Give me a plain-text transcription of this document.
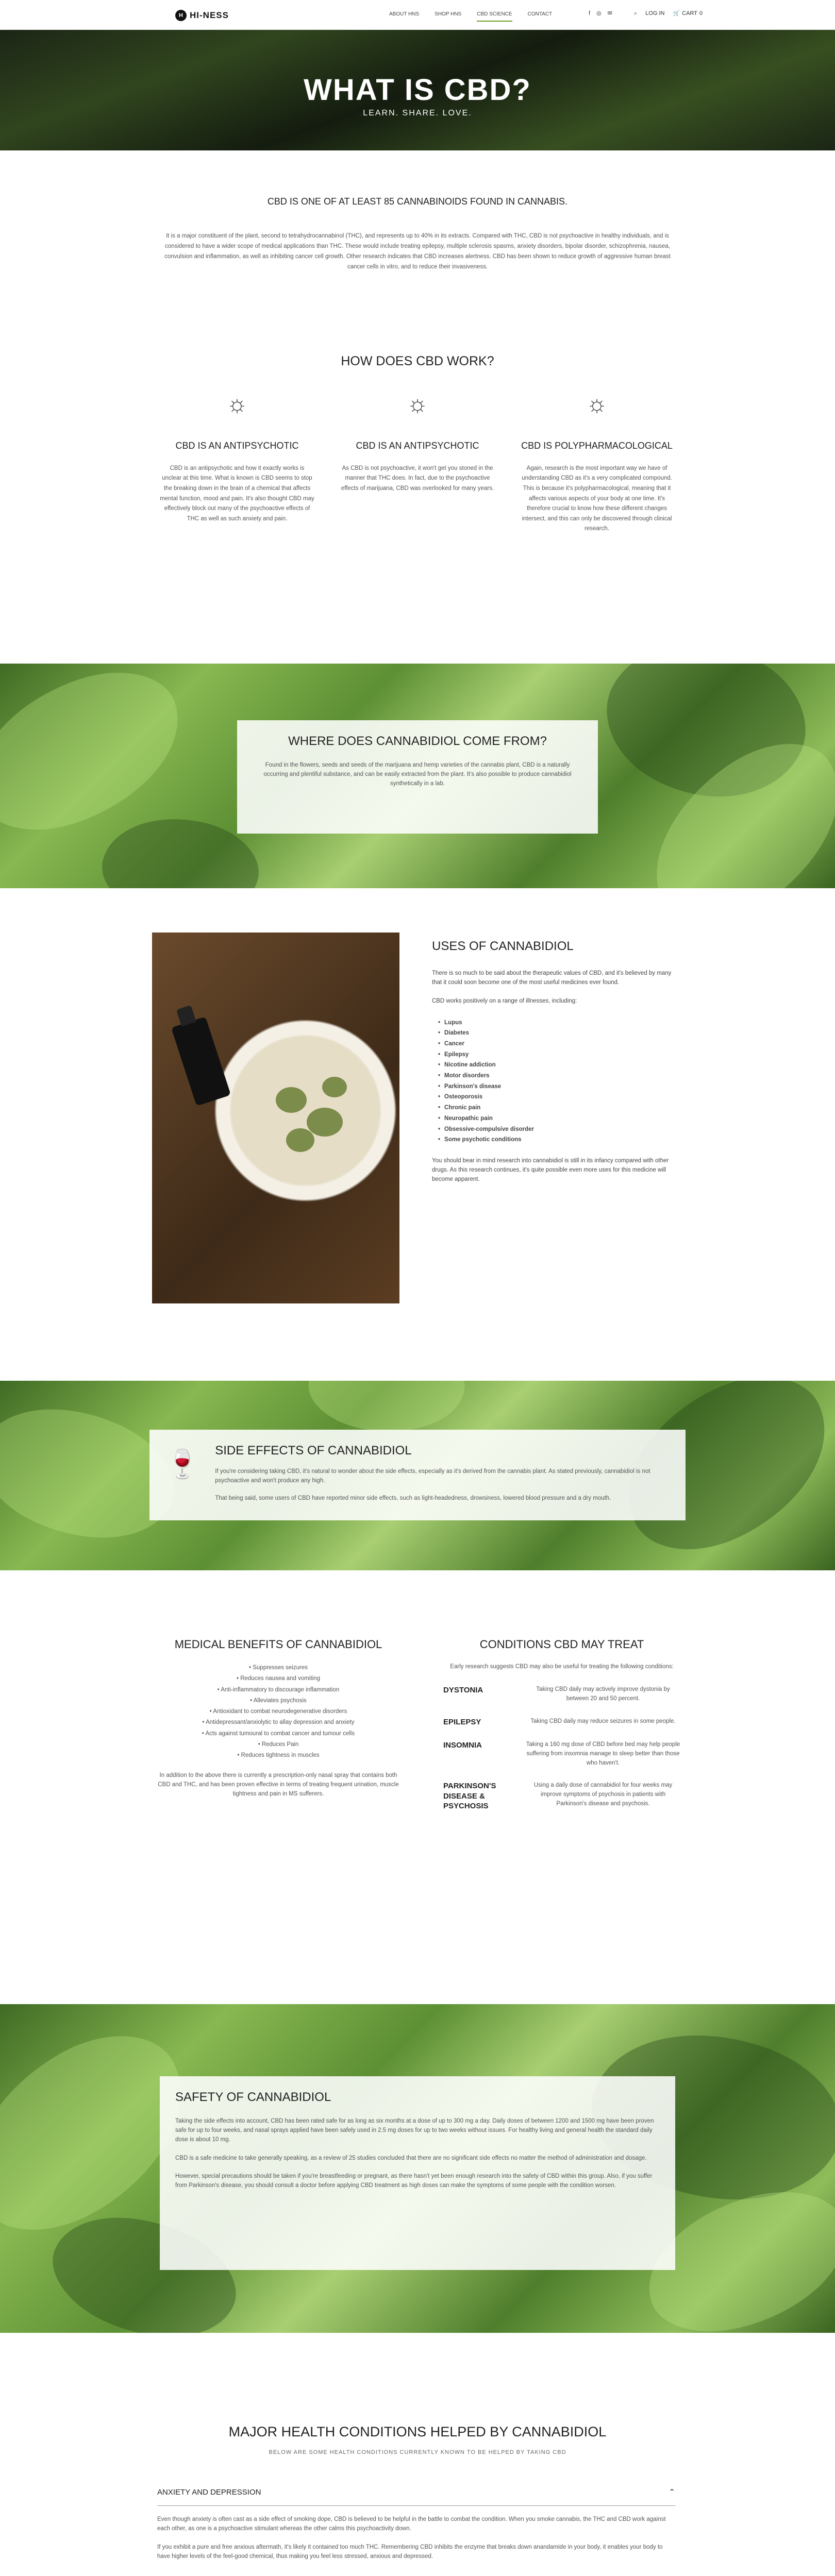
H HI-NESS	ABOUT HNS	SHOP HNS	CBD SCIENCE	CONTACT	f ◎ ✉	⌕ LOG IN 🛒 CART 0
WHAT IS CBD?
LEARN. SHARE. LOVE.
CBD IS ONE OF AT LEAST 85 CANNABINOIDS FOUND IN CANNABIS.
It is a major constituent of the plant, second to tetrahydrocannabinol (THC), and represents up to 40% in its extracts. Compared with THC, CBD is not psychoactive in healthy individuals, and is considered to have a wider scope of medical applications than THC. These would include treating epilepsy, multiple sclerosis spasms, anxiety disorders, bipolar disorder, schizophrenia, nausea, convulsion and inflammation, as well as inhibiting cancer cell growth. Other research indicates that CBD increases alertness. CBD has been shown to reduce growth of aggressive human breast cancer cells in vitro, and to reduce their invasiveness.
HOW DOES CBD WORK?
☼
CBD IS AN ANTIPSYCHOTIC

CBD is an antipsychotic and how it exactly works is unclear at this time. What is known is CBD seems to stop the breaking down in the brain of a chemical that affects mental function, mood and pain. It's also thought CBD may effectively block out many of the psychoactive effects of THC as well as such anxiety and pain.

☼
CBD IS AN ANTIPSYCHOTIC

As CBD is not psychoactive, it won't get you stoned in the manner that THC does. In fact, due to the psychoactive effects of marijuana, CBD was overlooked for many years.

☼
CBD IS POLYPHARMACOLOGICAL

Again, research is the most important way we have of understanding CBD as it's a very complicated compound. This is because it's polypharmacological, meaning that it affects various aspects of your body at one time. It's therefore crucial to know how these different changes intersect, and this can only be discovered through clinical research.

WHERE DOES CANNABIDIOL COME FROM?

Found in the flowers, seeds and seeds of the marijuana and hemp varieties of the cannabis plant, CBD is a naturally occurring and plentiful substance, and can be easily extracted from the plant. It's also possible to produce cannabidiol synthetically in a lab.

USES OF CANNABIDIOL

There is so much to be said about the therapeutic values of CBD, and it's believed by many that it could soon become one of the most useful medicines ever found.

CBD works positively on a range of illnesses, including:

• Lupus
• Diabetes
• Cancer
• Epilepsy
• Nicotine addiction
• Motor disorders
• Parkinson's disease
• Osteoporosis
• Chronic pain
• Neuropathic pain
• Obsessive-compulsive disorder
• Some psychotic conditions

You should bear in mind research into cannabidiol is still in its infancy compared with other drugs. As this research continues, it's quite possible even more uses for this medicine will become apparent.

🍷 SIDE EFFECTS OF CANNABIDIOL

If you're considering taking CBD, it's natural to wonder about the side effects, especially as it's derived from the cannabis plant. As stated previously, cannabidiol is not psychoactive and won't produce any high.

That being said, some users of CBD have reported minor side effects, such as light-headedness, drowsiness, lowered blood pressure and a dry mouth.

MEDICAL BENEFITS OF CANNABIDIOL
• Suppresses seizures
• Reduces nausea and vomiting
• Anti-inflammatory to discourage inflammation
• Alleviates psychosis
• Antioxidant to combat neurodegenerative disorders
• Antidepressant/anxiolytic to allay depression and anxiety
• Acts against tumoural to combat cancer and tumour cells
• Reduces Pain
• Reduces tightness in muscles

In addition to the above there is currently a prescription-only nasal spray that contains both CBD and THC, and has been proven effective in terms of treating frequent urination, muscle tightness and pain in MS sufferers.

CONDITIONS CBD MAY TREAT

Early research suggests CBD may also be useful for treating the following conditions:

DYSTONIA	Taking CBD daily may actively improve dystonia by between 20 and 50 percent.
EPILEPSY	Taking CBD daily may reduce seizures in some people.
INSOMNIA	Taking a 160 mg dose of CBD before bed may help people suffering from insomnia manage to sleep better than those who haven't.
PARKINSON'S DISEASE & PSYCHOSIS
Using a daily dose of cannabidiol for four weeks may improve symptoms of psychosis in patients with Parkinson's disease and psychosis.
SAFETY OF CANNABIDIOL

Taking the side effects into account, CBD has been rated safe for as long as six months at a dose of up to 300 mg a day. Daily doses of between 1200 and 1500 mg have been proven safe for up to four weeks, and nasal sprays applied have been safely used in 2.5 mg doses for up to two weeks without issues. For healthy living and general health the standard daily dose is about 10 mg.

CBD is a safe medicine to take generally speaking, as a review of 25 studies concluded that there are no significant side effects no matter the method of administration and dosage.

However, special precautions should be taken if you're breastfeeding or pregnant, as there hasn't yet been enough research into the safety of CBD within this group. Also, if you suffer from Parkinson's disease, you should consult a doctor before applying CBD treatment as high doses can make the symptoms of some people with the condition worsen.

MAJOR HEALTH CONDITIONS HELPED BY CANNABIDIOL
BELOW ARE SOME HEALTH CONDITIONS CURRENTLY KNOWN TO BE HELPED BY TAKING CBD
ANXIETY AND DEPRESSION	⌃

Even though anxiety is often cast as a side effect of smoking dope, CBD is believed to be helpful in the battle to combat the condition. When you smoke cannabis, the THC and CBD work against each other, as one is a psychoactive stimulant whereas the other calms this psychoactivity down.

If you exhibit a pure and free anxious aftermath, it's likely it contained too much THC. Remembering CBD inhibits the enzyme that breaks down anandamide in your body, it enables your body to have higher levels of the feel-good chemical, thus making you feel less stressed, anxious and depressed.
